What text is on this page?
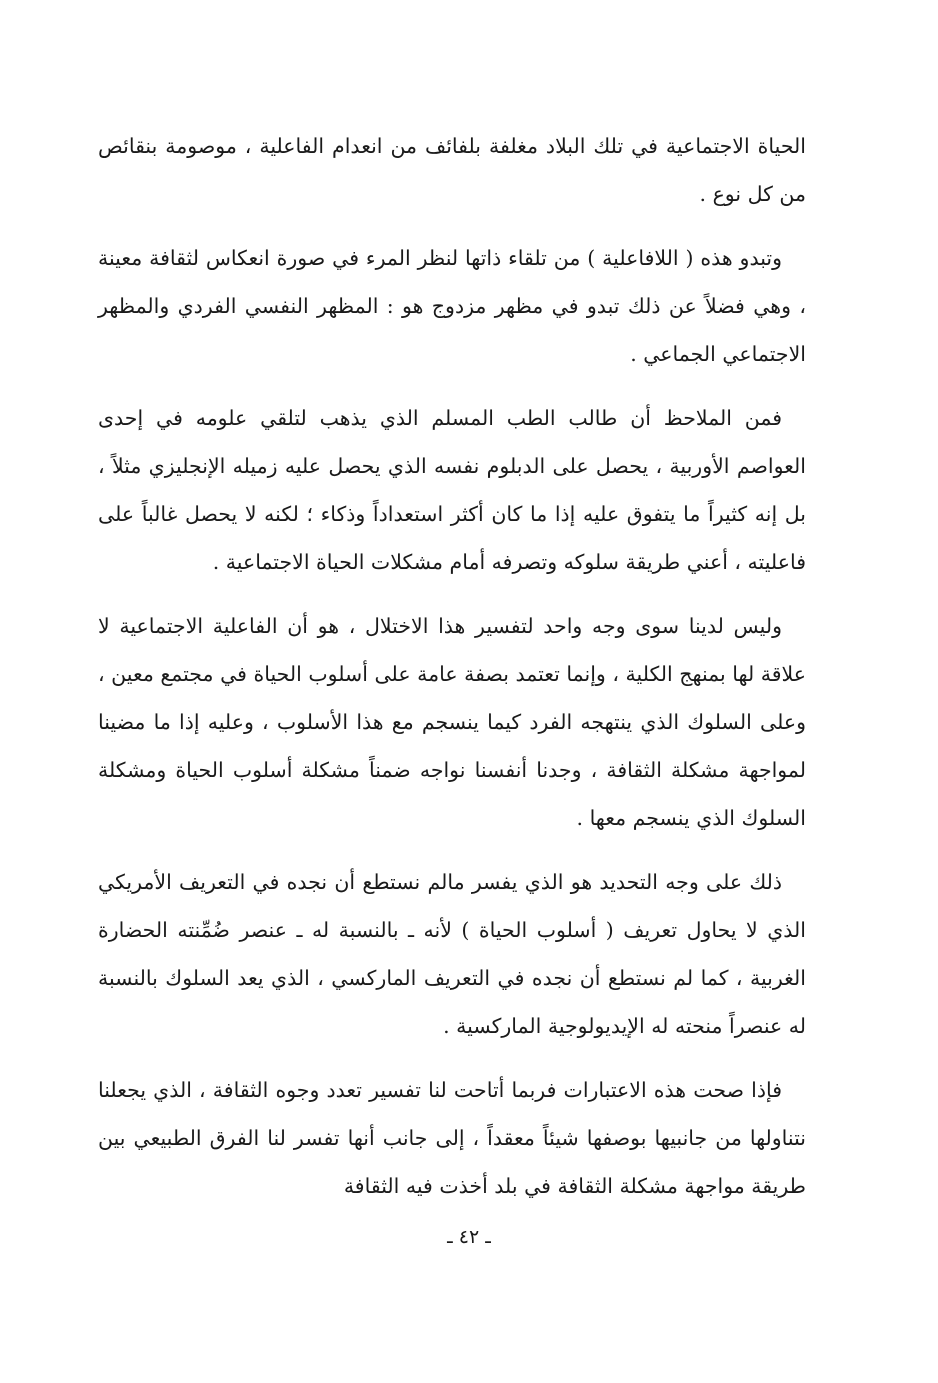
الحياة الاجتماعية في تلك البلاد مغلفة بلفائف من انعدام الفاعلية ، موصومة بنقائص من كل نوع .

وتبدو هذه ( اللافاعلية ) من تلقاء ذاتها لنظر المرء في صورة انعكاس لثقافة معينة ، وهي فضلاً عن ذلك تبدو في مظهر مزدوج هو : المظهر النفسي الفردي والمظهر الاجتماعي الجماعي .

فمن الملاحظ أن طالب الطب المسلم الذي يذهب لتلقي علومه في إحدى العواصم الأوربية ، يحصل على الدبلوم نفسه الذي يحصل عليه زميله الإنجليزي مثلاً ، بل إنه كثيراً ما يتفوق عليه إذا ما كان أكثر استعداداً وذكاء ؛ لكنه لا يحصل غالباً على فاعليته ، أعني طريقة سلوكه وتصرفه أمام مشكلات الحياة الاجتماعية .

وليس لدينا سوى وجه واحد لتفسير هذا الاختلال ، هو أن الفاعلية الاجتماعية لا علاقة لها بمنهج الكلية ، وإنما تعتمد بصفة عامة على أسلوب الحياة في مجتمع معين ، وعلى السلوك الذي ينتهجه الفرد كيما ينسجم مع هذا الأسلوب ، وعليه إذا ما مضينا لمواجهة مشكلة الثقافة ، وجدنا أنفسنا نواجه ضمناً مشكلة أسلوب الحياة ومشكلة السلوك الذي ينسجم معها .

ذلك على وجه التحديد هو الذي يفسر مالم نستطع أن نجده في التعريف الأمريكي الذي لا يحاول تعريف ( أسلوب الحياة ) لأنه ـ بالنسبة له ـ عنصر ضُمِّنته الحضارة الغربية ، كما لم نستطع أن نجده في التعريف الماركسي ، الذي يعد السلوك بالنسبة له عنصراً منحته له الإيديولوجية الماركسية .

فإذا صحت هذه الاعتبارات فربما أتاحت لنا تفسير تعدد وجوه الثقافة ، الذي يجعلنا نتناولها من جانبيها بوصفها شيئاً معقداً ، إلى جانب أنها تفسر لنا الفرق الطبيعي بين طريقة مواجهة مشكلة الثقافة في بلد أخذت فيه الثقافة

ـ ٤٢ ـ
